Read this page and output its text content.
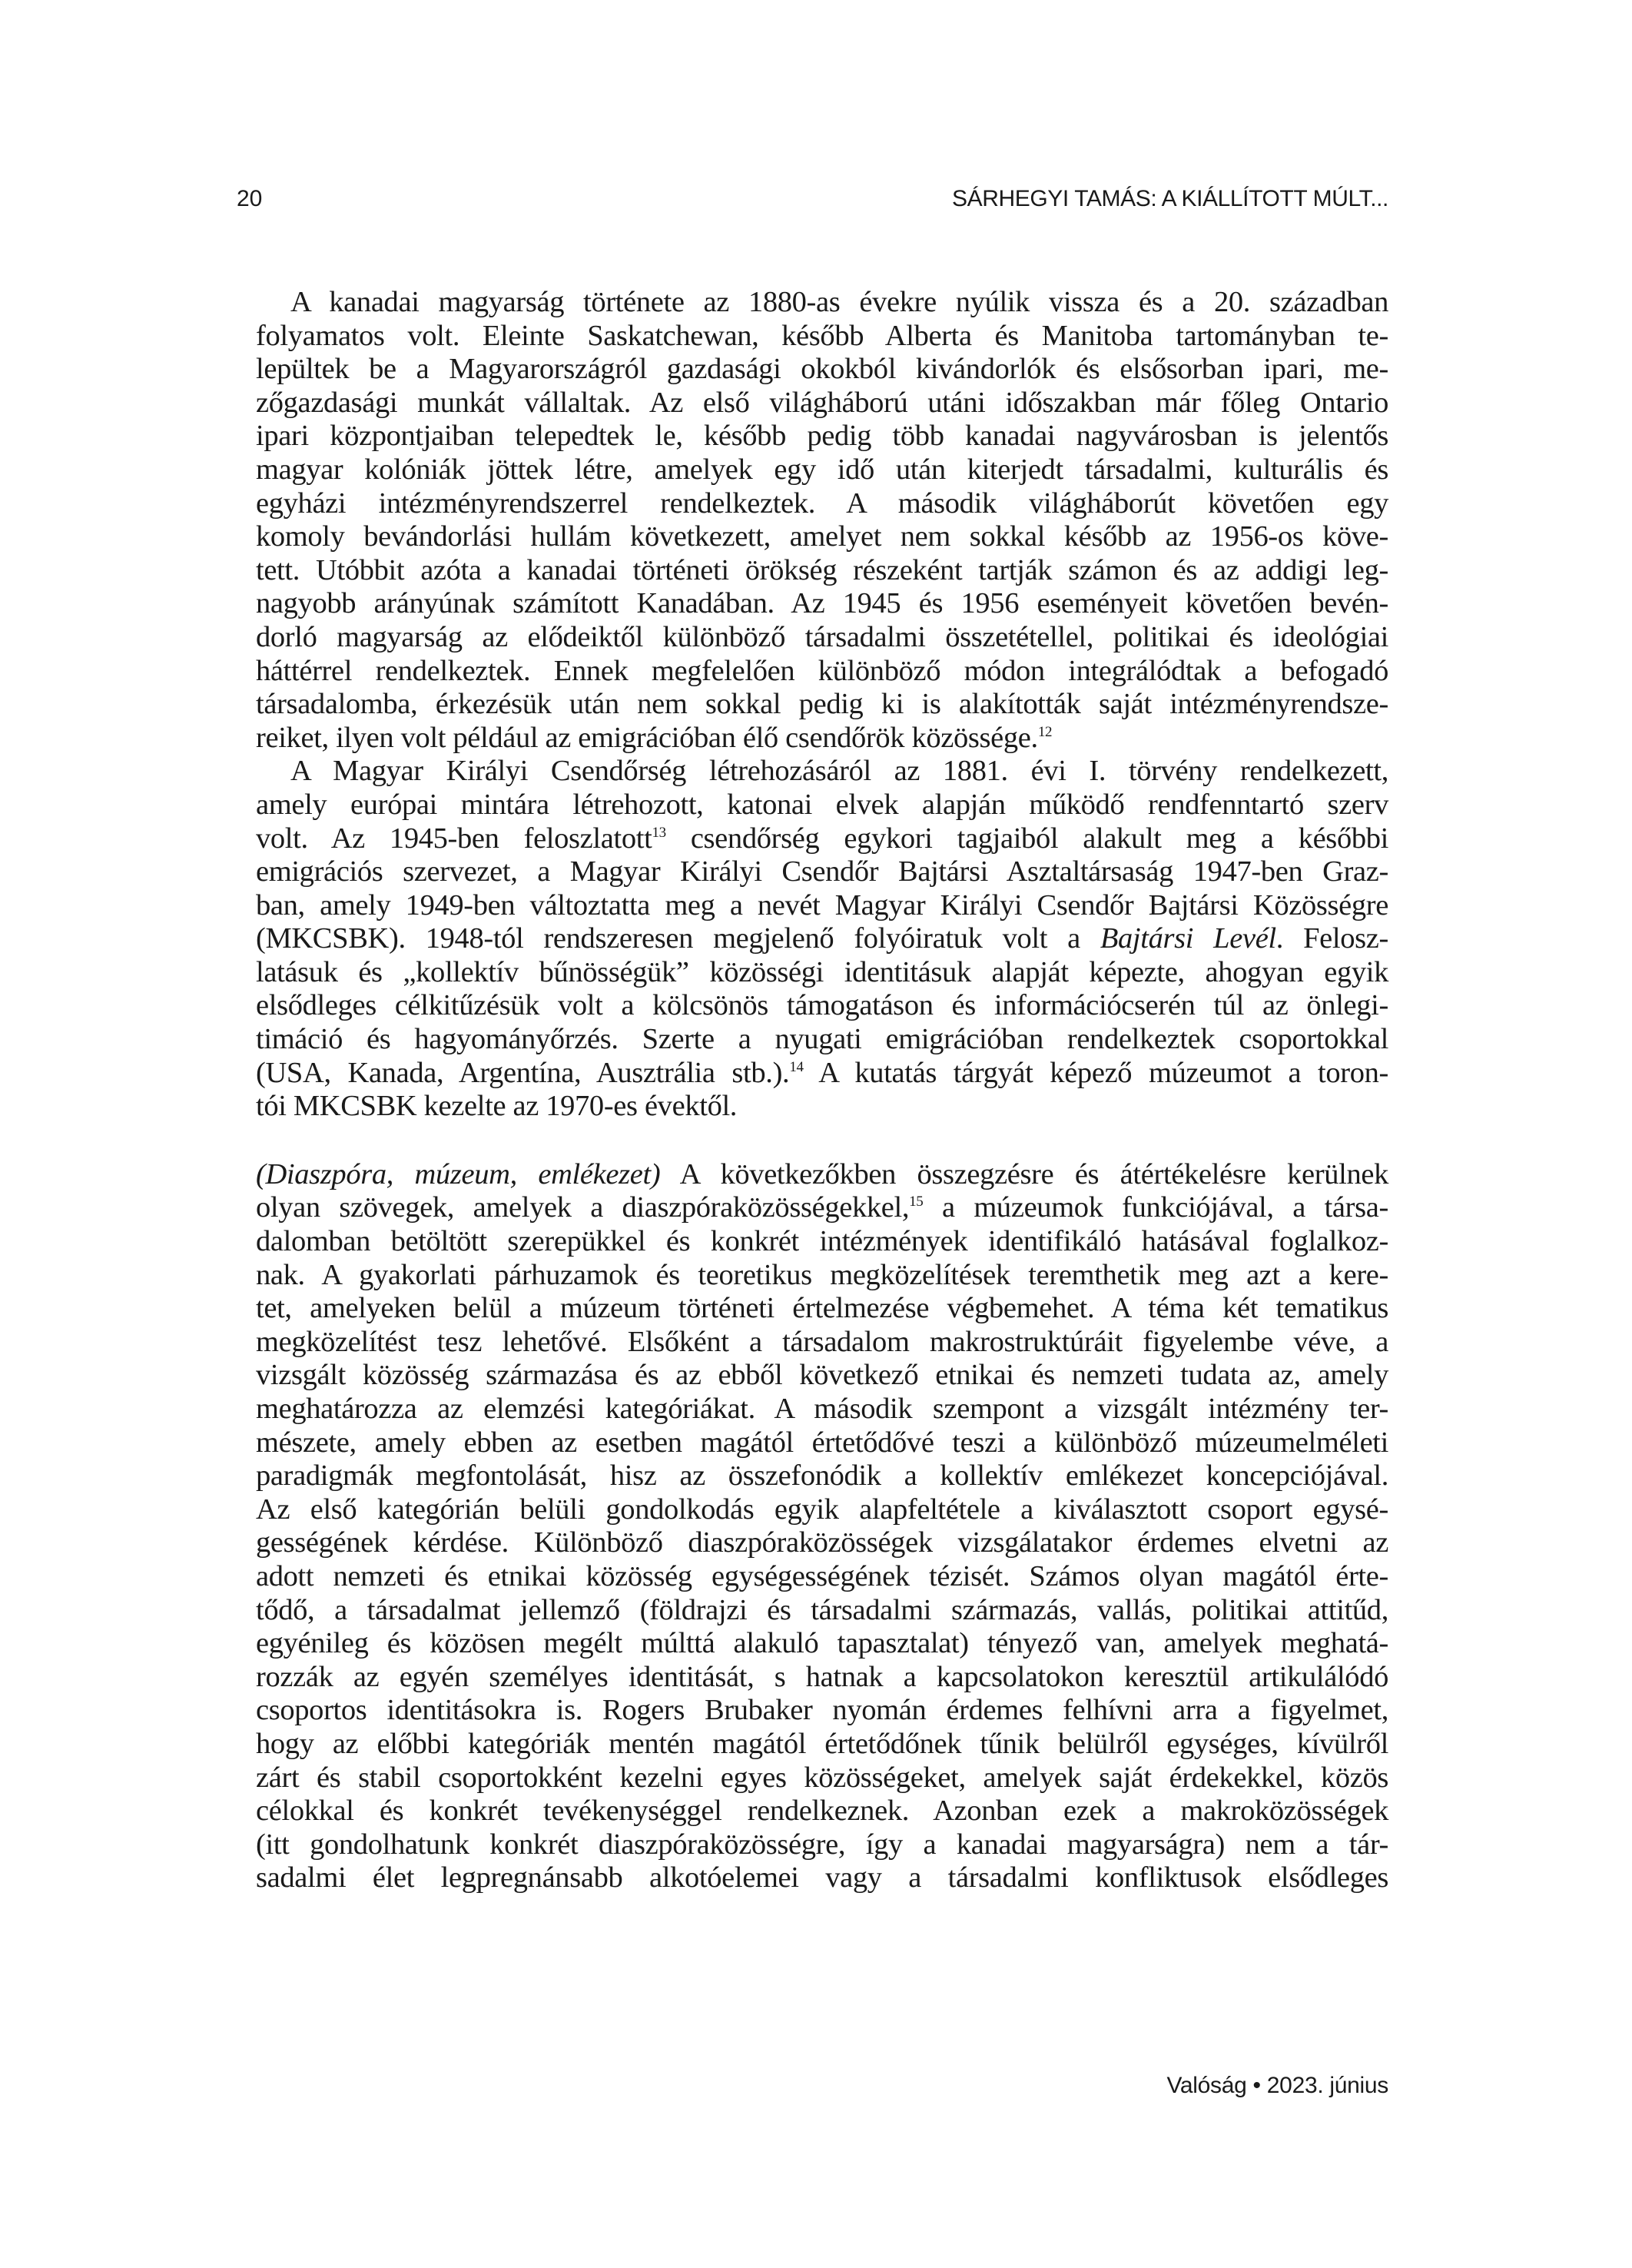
20	SÁRHEGYI TAMÁS: A KIÁLLÍTOTT MÚLT...
A kanadai magyarság története az 1880-as évekre nyúlik vissza és a 20. században
folyamatos volt. Eleinte Saskatchewan, később Alberta és Manitoba tartományban te-
lepültek be a Magyarországról gazdasági okokból kivándorlók és elsősorban ipari, me-
zőgazdasági munkát vállaltak. Az első világháború utáni időszakban már főleg Ontario
ipari központjaiban telepedtek le, később pedig több kanadai nagyvárosban is jelentős
magyar kolóniák jöttek létre, amelyek egy idő után kiterjedt társadalmi, kulturális és
egyházi intézményrendszerrel rendelkeztek. A második világháborút követően egy
komoly bevándorlási hullám következett, amelyet nem sokkal később az 1956-os köve-
tett. Utóbbit azóta a kanadai történeti örökség részeként tartják számon és az addigi leg-
nagyobb arányúnak számított Kanadában. Az 1945 és 1956 eseményeit követően bevén-
dorló magyarság az elődeiktől különböző társadalmi összetétellel, politikai és ideológiai
háttérrel rendelkeztek. Ennek megfelelően különböző módon integrálódtak a befogadó
társadalomba, érkezésük után nem sokkal pedig ki is alakították saját intézményrendsze-
reiket, ilyen volt például az emigrációban élő csendőrök közössége.$^{12}$
A Magyar Királyi Csendőrség létrehozásáról az 1881. évi I. törvény rendelkezett,
amely európai mintára létrehozott, katonai elvek alapján működő rendfenntartó szerv
volt. Az 1945-ben feloszlatott$^{13}$ csendőrség egykori tagjaiból alakult meg a későbbi
emigrációs szervezet, a Magyar Királyi Csendőr Bajtársi Asztaltársaság 1947-ben Graz-
ban, amely 1949-ben változtatta meg a nevét Magyar Királyi Csendőr Bajtársi Közösségre
(MKCSBK). 1948-tól rendszeresen megjelenő folyóiratuk volt a Bajtársi Levél. Felosz-
latásuk és „kollektív bűnösségük” közösségi identitásuk alapját képezte, ahogyan egyik
elsődleges célkitűzésük volt a kölcsönös támogatáson és információcserén túl az önlegi-
timáció és hagyományőrzés. Szerte a nyugati emigrációban rendelkeztek csoportokkal
(USA, Kanada, Argentína, Ausztrália stb.).$^{14}$ A kutatás tárgyát képező múzeumot a toron-
tói MKCSBK kezelte az 1970-es évektől.
(Diaszpóra, múzeum, emlékezet) A következőkben összegzésre és átértékelésre kerülnek
olyan szövegek, amelyek a diaszpóraközösségekkel,$^{15}$ a múzeumok funkciójával, a társa-
dalomban betöltött szerepükkel és konkrét intézmények identifikáló hatásával foglalkoz-
nak. A gyakorlati párhuzamok és teoretikus megközelítések teremthetik meg azt a kere-
tet, amelyeken belül a múzeum történeti értelmezése végbemehet. A téma két tematikus
megközelítést tesz lehetővé. Elsőként a társadalom makrostruktúráit figyelembe véve, a
vizsgált közösség származása és az ebből következő etnikai és nemzeti tudata az, amely
meghatározza az elemzési kategóriákat. A második szempont a vizsgált intézmény ter-
mészete, amely ebben az esetben magától értetődővé teszi a különböző múzeumelméleti
paradigmák megfontolását, hisz az összefonódik a kollektív emlékezet koncepciójával.
Az első kategórián belüli gondolkodás egyik alapfeltétele a kiválasztott csoport egysé-
gességének kérdése. Különböző diaszpóraközösségek vizsgálatakor érdemes elvetni az
adott nemzeti és etnikai közösség egységességének tézisét. Számos olyan magától érte-
tődő, a társadalmat jellemző (földrajzi és társadalmi származás, vallás, politikai attitűd,
egyénileg és közösen megélt múlttá alakuló tapasztalat) tényező van, amelyek meghatá-
rozzák az egyén személyes identitását, s hatnak a kapcsolatokon keresztül artikulálódó
csoportos identitásokra is. Rogers Brubaker nyomán érdemes felhívni arra a figyelmet,
hogy az előbbi kategóriák mentén magától értetődőnek tűnik belülről egységes, kívülről
zárt és stabil csoportokként kezelni egyes közösségeket, amelyek saját érdekekkel, közös
célokkal és konkrét tevékenységgel rendelkeznek. Azonban ezek a makroközösségek
(itt gondolhatunk konkrét diaszpóraközösségre, így a kanadai magyarságra) nem a tár-
sadalmi élet legpregnánsabb alkotóelemei vagy a társadalmi konfliktusok elsődleges
Valóság • 2023. június
